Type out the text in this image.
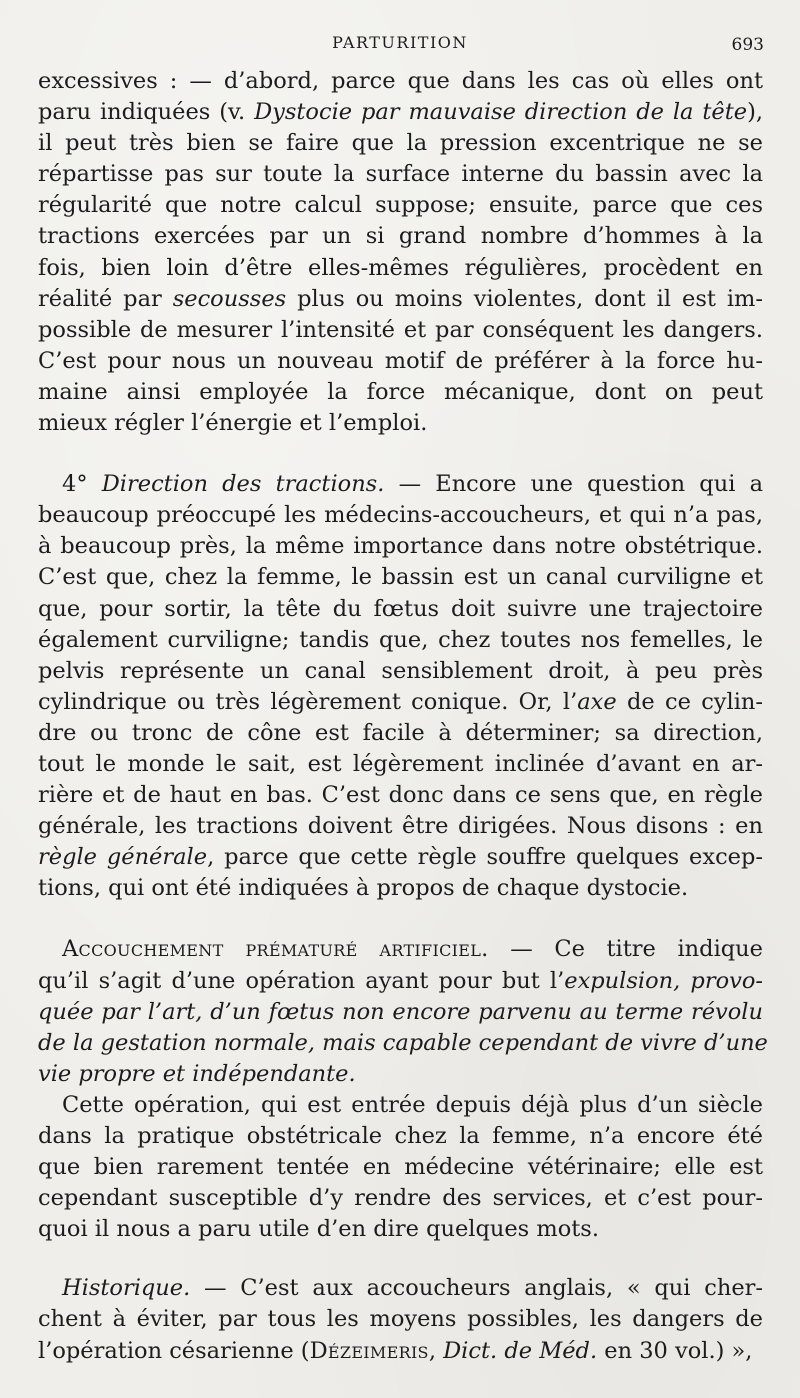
PARTURITION	693
excessives : — d’abord, parce que dans les cas où elles ont
paru indiquées (v. Dystocie par mauvaise direction de la tête),
il peut très bien se faire que la pression excentrique ne se
répartisse pas sur toute la surface interne du bassin avec la
régularité que notre calcul suppose; ensuite, parce que ces
tractions exercées par un si grand nombre d’hommes à la
fois, bien loin d’être elles-mêmes régulières, procèdent en
réalité par secousses plus ou moins violentes, dont il est im-
possible de mesurer l’intensité et par conséquent les dangers.
C’est pour nous un nouveau motif de préférer à la force hu-
maine ainsi employée la force mécanique, dont on peut
mieux régler l’énergie et l’emploi.
4° Direction des tractions. — Encore une question qui a
beaucoup préoccupé les médecins-accoucheurs, et qui n’a pas,
à beaucoup près, la même importance dans notre obstétrique.
C’est que, chez la femme, le bassin est un canal curviligne et
que, pour sortir, la tête du fœtus doit suivre une trajectoire
également curviligne; tandis que, chez toutes nos femelles, le
pelvis représente un canal sensiblement droit, à peu près
cylindrique ou très légèrement conique. Or, l’axe de ce cylin-
dre ou tronc de cône est facile à déterminer; sa direction,
tout le monde le sait, est légèrement inclinée d’avant en ar-
rière et de haut en bas. C’est donc dans ce sens que, en règle
générale, les tractions doivent être dirigées. Nous disons : en
règle générale, parce que cette règle souffre quelques excep-
tions, qui ont été indiquées à propos de chaque dystocie.
Accouchement prématuré artificiel. — Ce titre indique
qu’il s’agit d’une opération ayant pour but l’expulsion, provo-
quée par l’art, d’un fœtus non encore parvenu au terme révolu
de la gestation normale, mais capable cependant de vivre d’une
vie propre et indépendante.
Cette opération, qui est entrée depuis déjà plus d’un siècle
dans la pratique obstétricale chez la femme, n’a encore été
que bien rarement tentée en médecine vétérinaire; elle est
cependant susceptible d’y rendre des services, et c’est pour-
quoi il nous a paru utile d’en dire quelques mots.
Historique. — C’est aux accoucheurs anglais, « qui cher-
chent à éviter, par tous les moyens possibles, les dangers de
l’opération césarienne (Dézeimeris, Dict. de Méd. en 30 vol.) »,
